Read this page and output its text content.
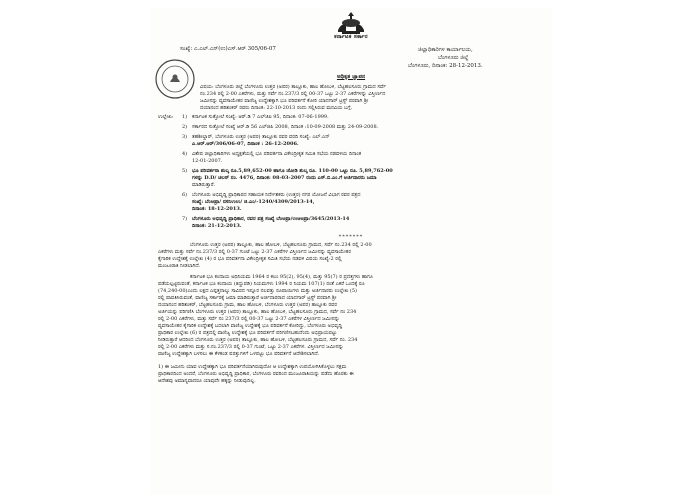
ಕರ್ನಾಟಕ ಸರ್ಕಾರ
ಸಂಖ್ಯೆ: ಎ.ಎಲ್.ಎನ್(ಉ)ಎಸ್.ಆರ್ 305/06-07	ಜಿಲ್ಲಾಧಿಕಾರಿಗಳ ಕಾರ್ಯಾಲಯ,
ಬೆಂಗಳೂರು ಜಿಲ್ಲೆ
ಬೆಂಗಳೂರು, ದಿನಾಂಕ: 28-12-2013.
ಅಧಿಕೃತ ಜ್ಞಾಪನ
ವಿಷಯ: ಬೆಂಗಳೂರು ಜಿಲ್ಲೆ ಬೆಂಗಳೂರು ಉತ್ತರ (ಅಪರ) ತಾಲ್ಲೂಕು, ಹಾಲ ಹೋಬಳಿ, ಬೆಟ್ಟಹಲಸೂರು ಗ್ರಾಮದ ಸರ್ವೆ
ನಂ.234 ರಲ್ಲಿ 2-00 ಎಕರೆಗಳು, ಮತ್ತು ಸರ್ವೆ ನಂ.237/3 ರಲ್ಲಿ 00-37 ಒಟ್ಟು 2-37 ಎಕರೆಗಳನ್ನು ವಿಸ್ತೀರ್ಣದ
ಜಮೀನನ್ನು ವ್ಯವಸಾಯೇತರ ವಾಣಿಜ್ಯ ಉದ್ದೇಶಕ್ಕಾಗಿ ಭೂ ಪರಿವರ್ತನೆ ಕೋರಿ ಯಾದಗಾರ್ ಟ್ರಸ್ಟ್ ಪರವಾಗಿ ಶ್ರೀ
ದಯಾನಂದ ಹರಿಶಂಕರ್ ರವರು ದಿನಾಂಕ: 22-10-2013 ರಂದು ಸಲ್ಲಿಸಿರುವ ಮನವಿಯ ಬಗ್ಗೆ.
ಉಲ್ಲೇಖ: 1) ಕರ್ನಾಟಕ ಸುತ್ತೋಲೆ ಸಂಖ್ಯೆ: ಆರ್.ಡಿ 7 ಎಲ್‌ಜಿಪಿ 95, ದಿನಾಂಕ: 07-06-1999.
2) ಸರ್ಕಾರದ ಸುತ್ತೋಲೆ ಸಂಖ್ಯೆ ಆರ್.ಡಿ 56 ಎಲ್‌ಜಿಪಿ 2008, ದಿನಾಂಕ :10-09-2008 ಮತ್ತು 24-09-2008.
3) ತಹಶೀಲ್ದಾರ್, ಬೆಂಗಳೂರು ಉತ್ತರ (ಅಪರ) ತಾಲ್ಲೂಕು ರವರ ವರದಿ ಸಂಖ್ಯೆ: ಎಲ್.ಎನ್
ಎ.ಆರ್.ಆರ್/306/06-07, ದಿನಾಂಕ : 26-12-2006.
4) ವಿಶೇಷ ಜಿಲ್ಲಾಧಿಕಾರಿಗಳು ಅಧ್ಯಕ್ಷತೆಯಲ್ಲಿ ಭೂ ಪರಿವರ್ತನಾ ವಿಕೇಂದ್ರೀಕೃತ ಸಮಿತಿ ಸಭೆಯ ನಡವಳಿಯ ದಿನಾಂಕ
12-01-2007.
5) ಭೂ ಪರಿವರ್ತನಾ ಶುಲ್ಕ ರೂ.5,89,652-00 ಹಾಗೂ ಜೋಡಿ ಶುಲ್ಕ ರೂ. 110-00 ಒಟ್ಟು ರೂ. 5,89,762-00
ಗಳನ್ನು D.D/ ಚಲನ್ ನಂ. 4476, ದಿನಾಂಕ: 08-03-2007 ರಂದು ಎಸ್.ಬಿ.ಎಂ.ಗೆ ಅರ್ಜಿದಾರರು ಜಮಾ
ಮಾಡಿರುತ್ತಾರೆ.
6) ಬೆಂಗಳೂರು ಅಭಿವೃದ್ಧಿ ಪ್ರಾಧಿಕಾರದ ಸಹಾಯಕ ನಿರ್ದೇಶಕರು (ಉತ್ತರ) ನಗರ ಯೋಜನೆ ವಿಭಾಗ ರವರ ಪತ್ರದ
ಸಂಖ್ಯೆ: ಬೆಂಅಪ್ರಾ/ ನಸನಿಉಉ/ ಜಿ.ಎಂ/-1240/4309/2013-14,
ದಿನಾಂಕ: 18-12-2013.
7) ಬೆಂಗಳೂರು ಅಭಿವೃದ್ಧಿ ಪ್ರಾಧಿಕಾರ, ರವರ ಪತ್ರ ಸಂಖ್ಯೆ ಬೆಂಅಪ್ರಾ/ಉಆಅಪ್ರಾ/3645/2013-14
ದಿನಾಂಕ: 21-12-2013.
*******
ಬೆಂಗಳೂರು ಉತ್ತರ (ಅಪರ) ತಾಲ್ಲೂಕು, ಹಾಲ ಹೋಬಳಿ, ಬೆಟ್ಟಹಲಸೂರು ಗ್ರಾಮದ, ಸರ್ವೆ ನಂ.234 ರಲ್ಲಿ 2-00
ಎಕರೆಗಳು ಮತ್ತು ಸರ್ವೆ ನಂ.237/3 ರಲ್ಲಿ 0-37 ಗುಂಟೆ ಒಟ್ಟು 2-37 ಎಕರೆಗಳ ವಿಸ್ತೀರ್ಣದ ಜಮೀನನ್ನು ವ್ಯವಸಾಯೇತರ
ಕೈಗಾರಿಕ ಉದ್ದೇಶಕ್ಕೆ ಉಲ್ಲೇಖ (4) ರ ಭೂ ಪರಿವರ್ತನಾ ವಿಕೇಂದ್ರೀಕೃತ ಸಮಿತಿ ಸಭೆಯ ನಡವಳಿ ವಿಷಯ ಸಂಖ್ಯೆ-2 ರಲ್ಲಿ
ಮಂಜೂರಾತಿ ನೀಡಲಾಗಿದೆ.
ಕರ್ನಾಟಕ ಭೂ ಕಂದಾಯ ಅಧಿನಿಯಮ 1964 ರ ಕಲಂ 95(2), 95(4), ಮತ್ತು 95(7) ರ ಪ್ರದತ್ತಗಳು ಹಾಗೂ
ಪಡೆಯಲ್ಪಟ್ಟಿರುವಂತೆ, ಕರ್ನಾಟಕ ಭೂ ಕಂದಾಯ (ತಿದ್ದುಪಡಿ) ನಿಯಮಗಳು 1994 ರ ನಿಯಮ 107(1) ರಂತೆ ಎಕರೆ ಒಂದಕ್ಕೆ ರೂ
(74,240-00)ಎಂದು ಲಕ್ಷದ ಎಪ್ಪತ್ತನಾಲ್ಕು ಸಾವಿರದ ಇನ್ನೂರ ನಲವತ್ತು ರೂಪಾಯಿಗಳು ಮತ್ತು ಅರ್ಜಿದಾರರು ಉಲ್ಲೇಖ (5)
ರಲ್ಲಿ ಪಾವತಿಸಿರುವಂತೆ, ವಾಣಿಜ್ಯ ಸರ್ಕಾರಕ್ಕೆ ಜಮಾ ಮಾಡಿರುತ್ತಾರೆ ಅರ್ಜಿದಾರರಾದ ಯಾದಗಾರ್ ಟ್ರಸ್ಟ್ ಪರವಾಗಿ ಶ್ರೀ
ದಯಾನಂದ ಹರಿಶಂಕರ್, ಬೆಟ್ಟಹಲಸೂರು ಗ್ರಾಮ, ಹಾಲ ಹೋಬಳಿ, ಬೆಂಗಳೂರು ಉತ್ತರ (ಅಪರ) ತಾಲ್ಲೂಕು ರವರ
ಅರ್ಜಿಯನ್ನು ಪರಿಗಣಿಸಿ ಬೆಂಗಳೂರು ಉತ್ತರ (ಅಪರ) ತಾಲ್ಲೂಕು, ಹಾಲ ಹೋಬಳಿ, ಬೆಟ್ಟಹಲಸೂರು ಗ್ರಾಮದ, ಸರ್ವೆ ನಂ 234
ರಲ್ಲಿ 2-00 ಎಕರೆಗಳು, ಮತ್ತು ಸರ್ವೆ ನಂ 237/3 ರಲ್ಲಿ 00-37 ಒಟ್ಟು 2-37 ಎಕರೆಗಳ ವಿಸ್ತೀರ್ಣದ ಜಮೀನನ್ನು
ವ್ಯವಸಾಯೇತರ ಕೈಗಾರಿಕ ಉದ್ದೇಶಕ್ಕೆ ಬದಲಾಗಿ ವಾಣಿಜ್ಯ ಉದ್ದೇಶಕ್ಕೆ ಭೂ ಪರಿವರ್ತನೆ ಕೋರಿದ್ದು, ಬೆಂಗಳೂರು ಅಭಿವೃದ್ಧಿ
ಪ್ರಾಧಿಕಾರ ಉಲ್ಲೇಖ (6) ರ ಪತ್ರದಲ್ಲಿ ವಾಣಿಜ್ಯ ಉದ್ದೇಶಕ್ಕೆ ಭೂ ಪರಿವರ್ತನೆ ಪರಿಗಣಿಸಬಹುದೆಂದು ಅಭಿಪ್ರಾಯಪಟ್ಟು
ನೀಡಿರುತ್ತಾರೆ ಆದರಿಂದ ಬೆಂಗಳೂರು ಉತ್ತರ (ಅಪರ) ತಾಲ್ಲೂಕು, ಹಾಲ ಹೋಬಳಿ, ಬೆಟ್ಟಹಲಸೂರು ಗ್ರಾಮದ, ಸರ್ವೆ ನಂ. 234
ರಲ್ಲಿ 2-00 ಎಕರೆಗಳು ಮತ್ತು ಸ.ನಂ.237/3 ರಲ್ಲಿ 0-37 ಗುಂಟೆ, ಒಟ್ಟು 2-37 ಎಕರೆಗಳ. ವಿಸ್ತೀರ್ಣದ ಜಮೀನನ್ನು
ವಾಣಿಜ್ಯ ಉದ್ದೇಶಕ್ಕಾಗಿ ಬಳಸಲು ಈ ಕೆಳಕಂಡ ಷರತ್ತುಗಳಿಗೆ ಒಳಪಟ್ಟು ಭೂ ಪರಿವರ್ತನೆ ಆದೇಶಿಸಲಾಗಿದೆ.
1) ಈ ಜಮೀನು ಯಾವ ಉದ್ದೇಶಕ್ಕಾಗಿ ಭೂ ಪರಿವರ್ತನೆಯಾಗಿರುವುದೋ ಆ ಉದ್ದೇಶಕ್ಕಾಗಿ ಉಪಯೋಗಿಸಿಕೊಳ್ಳಲು ಸಕ್ಷಮ
ಪ್ರಾಧಿಕಾರದಿಂದ ಅಂದರೆ, ಬೆಂಗಳೂರು ಅಭಿವೃದ್ಧಿ ಪ್ರಾಧಿಕಾರ, ಬೆಂಗಳೂರು ರವರಿಂದ ಮಂಜೂರಾತಿಯನ್ನು ಪಡೆದು ಹೊರತು ಈ
ಆದೇಶವು ಅಮಾನ್ಯವಾದರೂ ಯಾವುದೇ ಹಕ್ಕನ್ನು ನೀಡುವುದಿಲ್ಲ.
